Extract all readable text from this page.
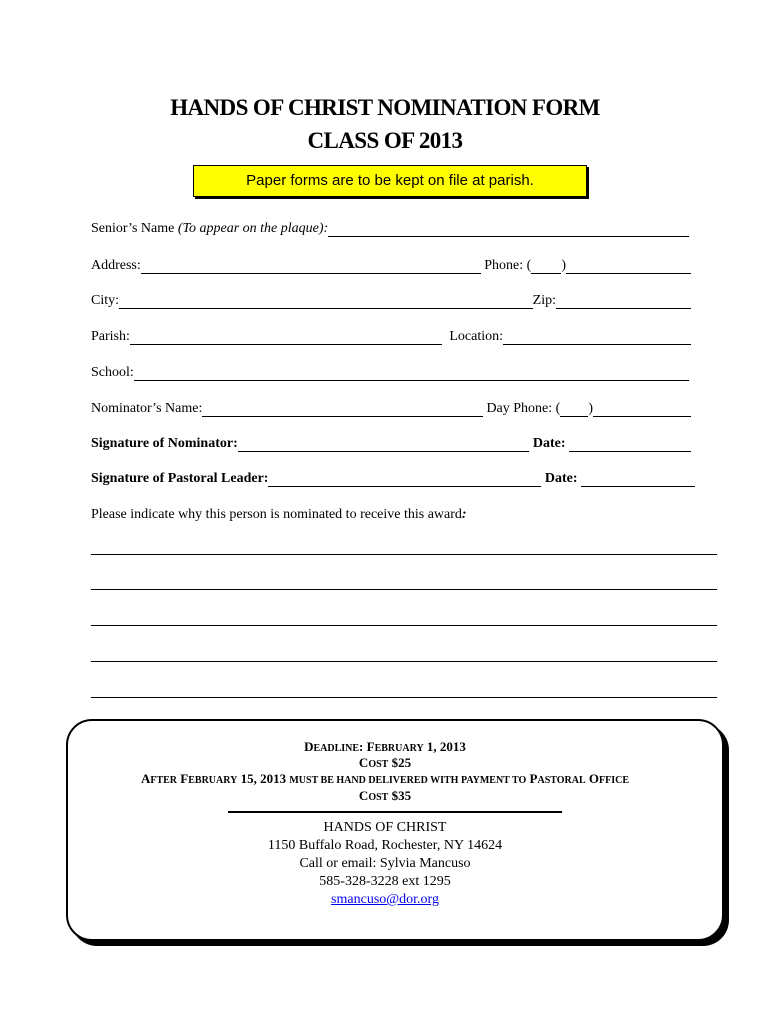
HANDS OF CHRIST NOMINATION FORM
CLASS OF 2013
Paper forms are to be kept on file at parish.
Senior’s Name (To appear on the plaque):
Address:	Phone: ( )
City:	Zip:
Parish:	Location:
School:
Nominator’s Name:	Day Phone: ( )
Signature of Nominator:	Date:
Signature of Pastoral Leader:	Date:
Please indicate why this person is nominated to receive this award :
DEADLINE: FEBRUARY 1, 2013
COST $25
AFTER FEBRUARY 15, 2013 MUST BE HAND DELIVERED WITH PAYMENT TO PASTORAL OFFICE
COST $35
HANDS OF CHRIST
1150 Buffalo Road, Rochester, NY 14624
Call or email: Sylvia Mancuso
585-328-3228 ext 1295
smancuso@dor.org
